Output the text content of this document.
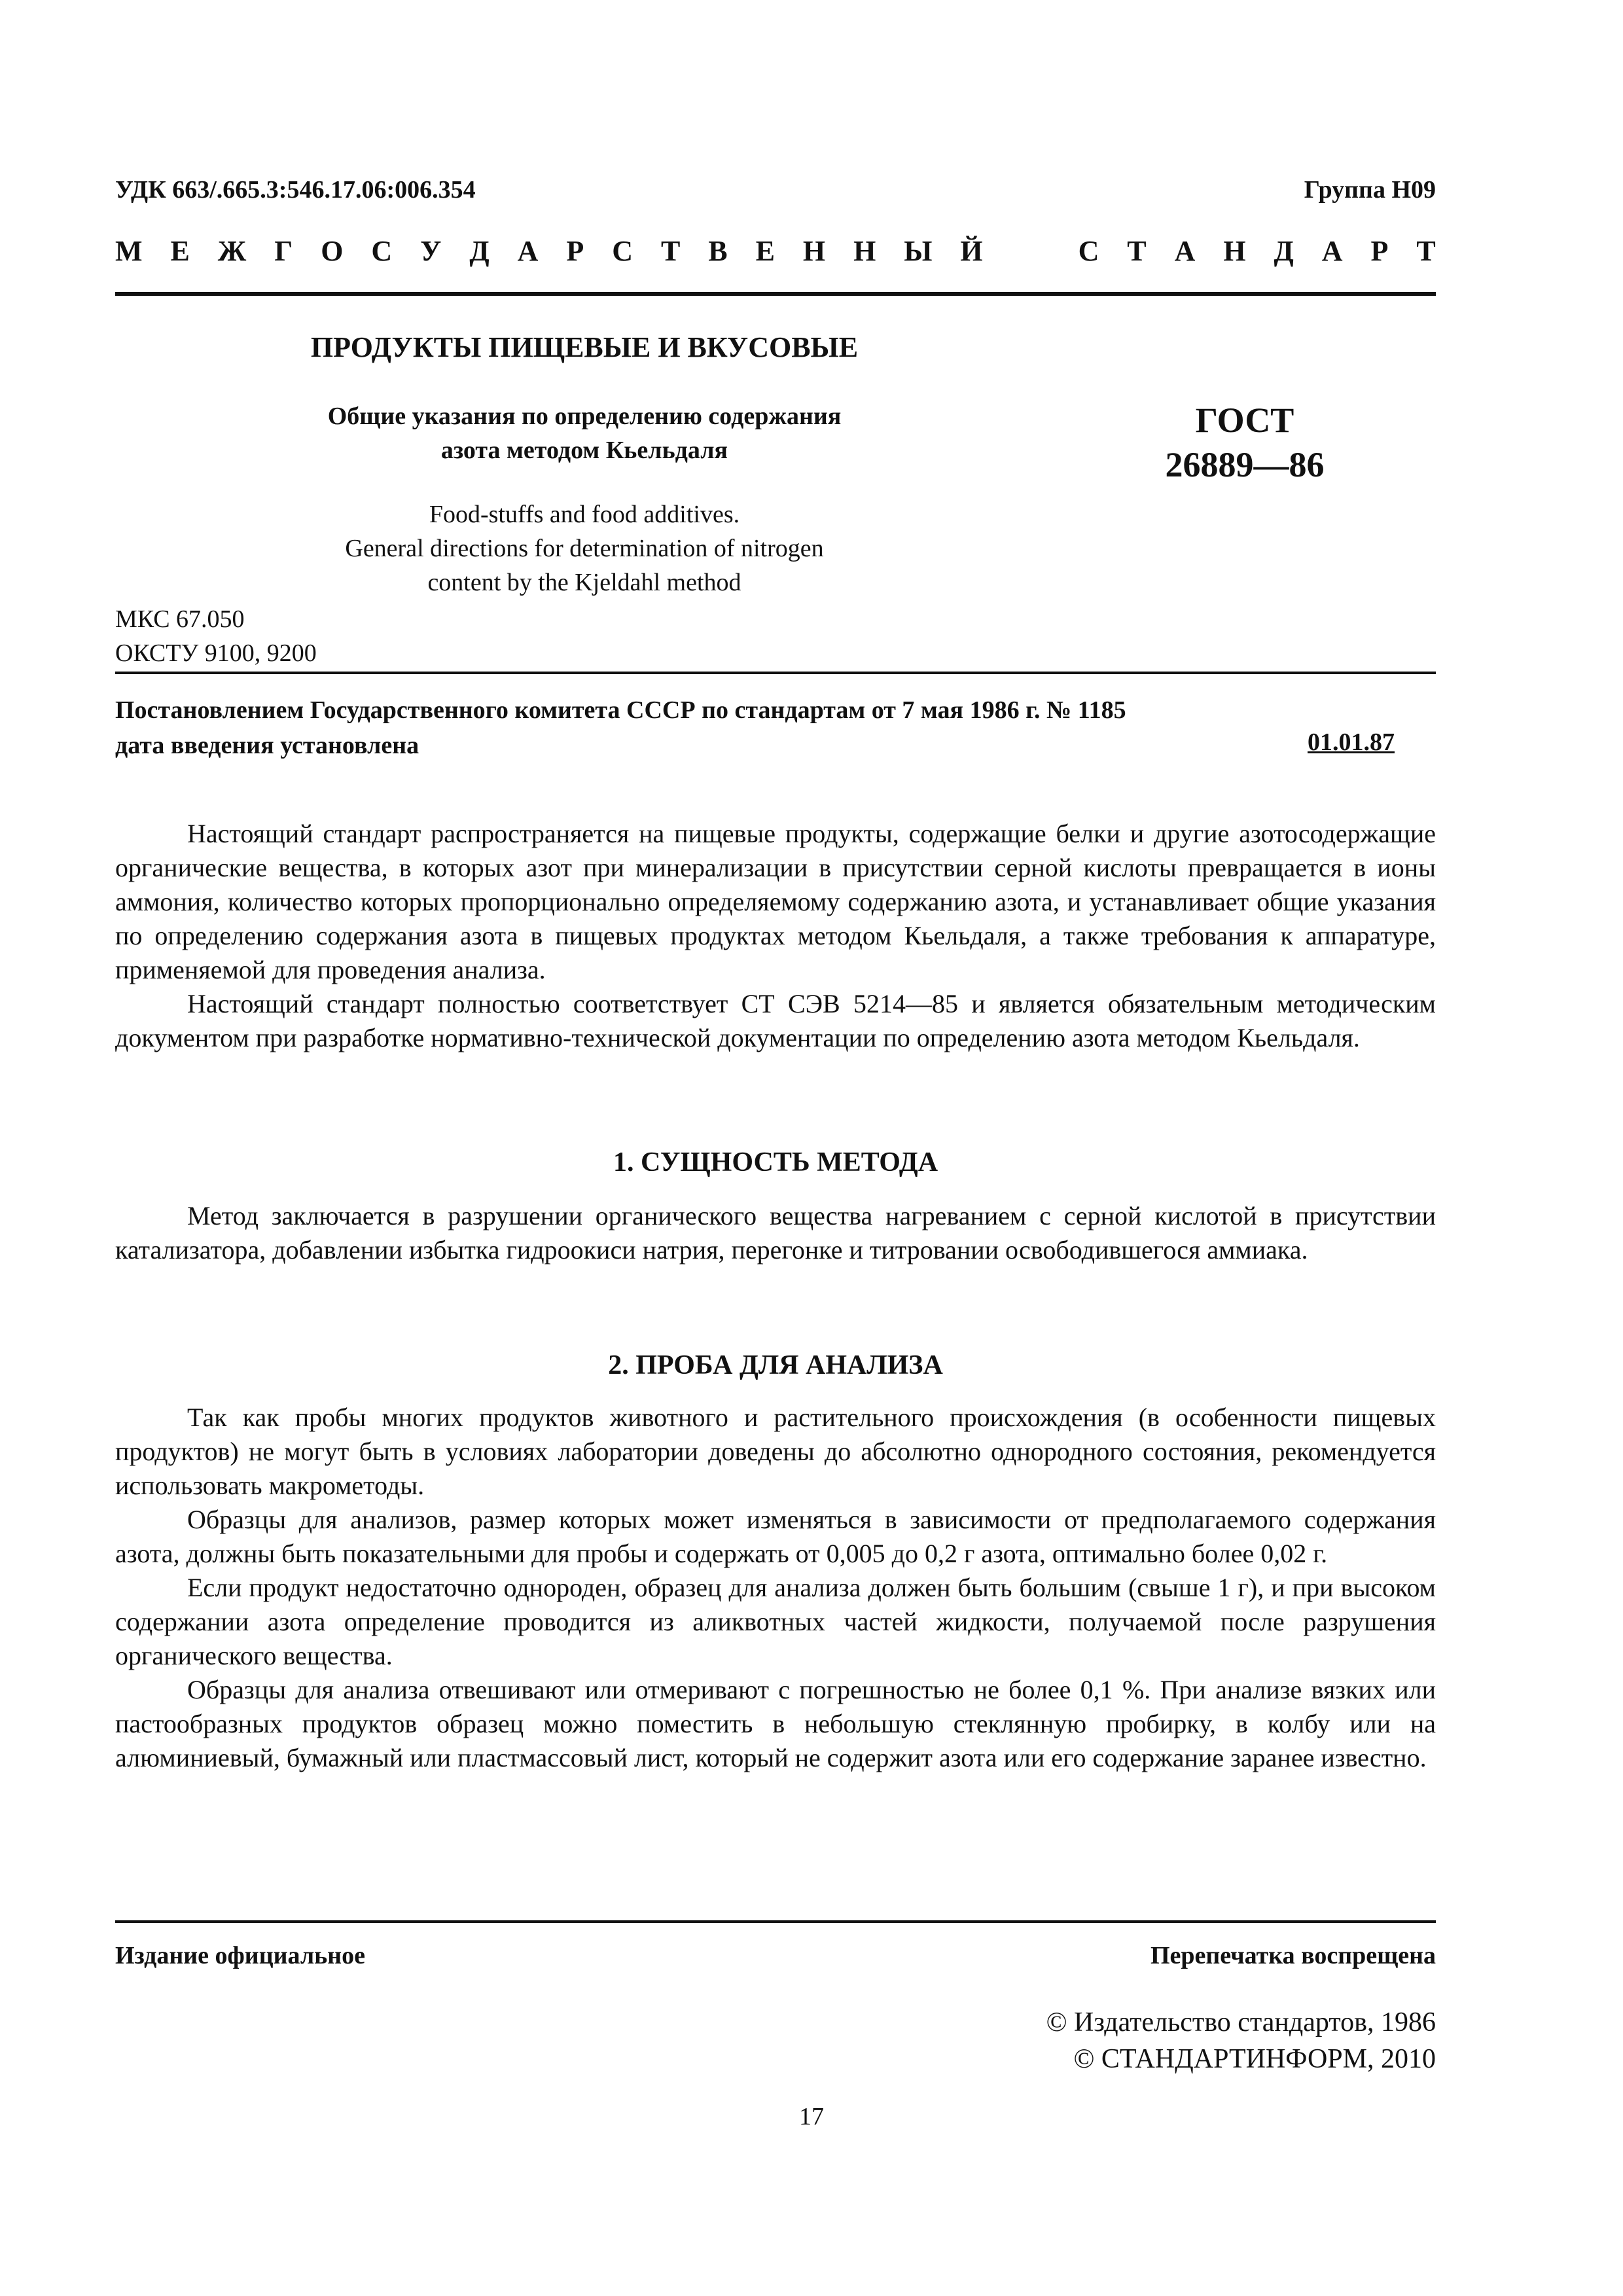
УДК 663/.665.3:546.17.06:006.354	Группа Н09
М Е Ж Г О С У Д А Р С Т В Е Н Н Ы Й	С Т А Н Д А Р Т
ПРОДУКТЫ ПИЩЕВЫЕ И ВКУСОВЫЕ
Общие указания по определению содержания
азота методом Кьельдаля
ГОСТ
26889—86
Food-stuffs and food additives.
General directions for determination of nitrogen
content by the Kjeldahl method
МКС 67.050
ОКСТУ 9100, 9200
Постановлением Государственного комитета СССР по стандартам от 7 мая 1986 г. № 1185
дата введения установлена	01.01.87

Настоящий стандарт распространяется на пищевые продукты, содержащие белки и другие азотосодержащие органические вещества, в которых азот при минерализации в присутствии серной кислоты превращается в ионы аммония, количество которых пропорционально определяемому содержанию азота, и устанавливает общие указания по определению содержания азота в пищевых продуктах методом Кьельдаля, а также требования к аппаратуре, применяемой для проведения анализа.

Настоящий стандарт полностью соответствует СТ СЭВ 5214—85 и является обязательным методическим документом при разработке нормативно-технической документации по определению азота методом Кьельдаля.

1. СУЩНОСТЬ МЕТОДА

Метод заключается в разрушении органического вещества нагреванием с серной кислотой в присутствии катализатора, добавлении избытка гидроокиси натрия, перегонке и титровании освободившегося аммиака.

2. ПРОБА ДЛЯ АНАЛИЗА

Так как пробы многих продуктов животного и растительного происхождения (в особенности пищевых продуктов) не могут быть в условиях лаборатории доведены до абсолютно однородного состояния, рекомендуется использовать макрометоды.

Образцы для анализов, размер которых может изменяться в зависимости от предполагаемого содержания азота, должны быть показательными для пробы и содержать от 0,005 до 0,2 г азота, оптимально более 0,02 г.

Если продукт недостаточно однороден, образец для анализа должен быть большим (свыше 1 г), и при высоком содержании азота определение проводится из аликвотных частей жидкости, получаемой после разрушения органического вещества.

Образцы для анализа отвешивают или отмеривают с погрешностью не более 0,1 %. При анализе вязких или пастообразных продуктов образец можно поместить в небольшую стеклянную пробирку, в колбу или на алюминиевый, бумажный или пластмассовый лист, который не содержит азота или его содержание заранее известно.

Издание официальное	Перепечатка воспрещена
© Издательство стандартов, 1986
© СТАНДАРТИНФОРМ, 2010
17
